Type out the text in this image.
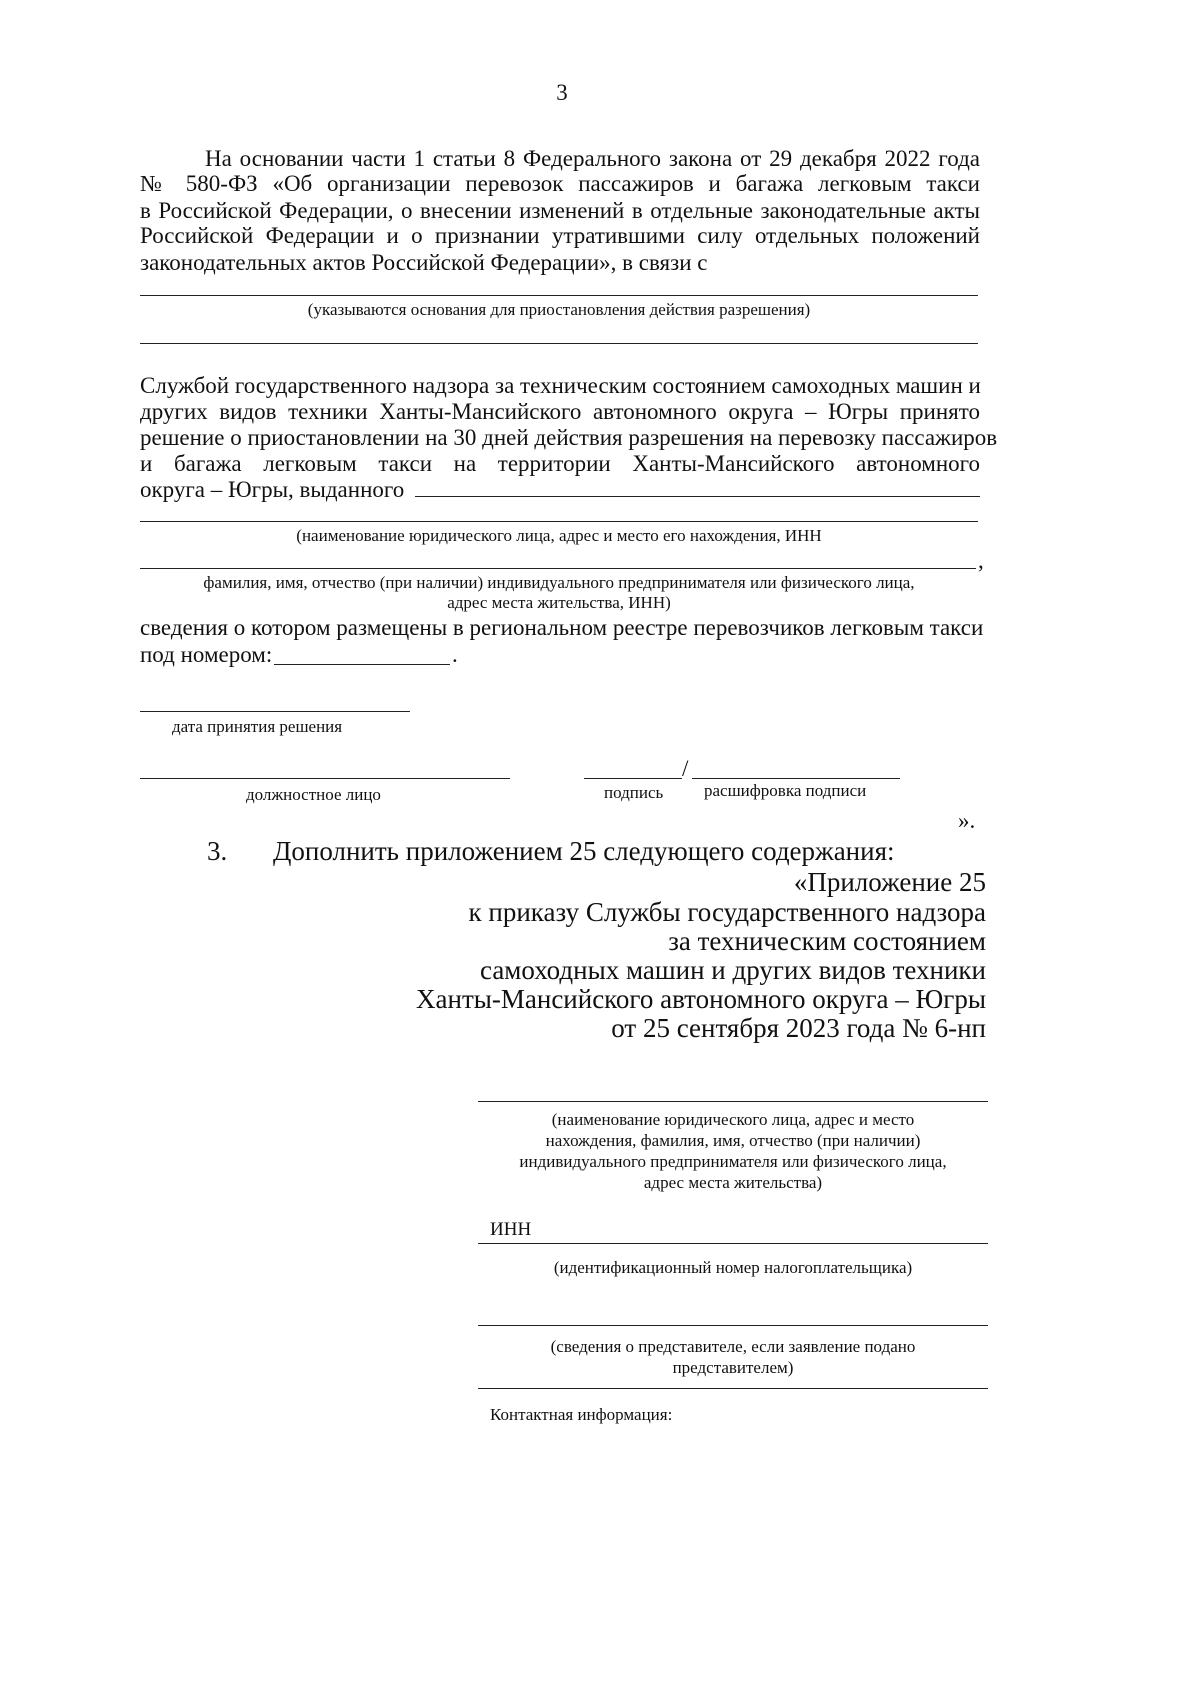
3
На основании части 1 статьи 8 Федерального закона от 29 декабря 2022 года
№ 580-ФЗ «Об организации перевозок пассажиров и багажа легковым такси
в Российской Федерации, о внесении изменений в отдельные законодательные акты
Российской Федерации и о признании утратившими силу отдельных положений
законодательных актов Российской Федерации», в связи с
(указываются основания для приостановления действия разрешения)
Службой государственного надзора за техническим состоянием самоходных машин и
других видов техники Ханты-Мансийского автономного округа – Югры принято
решение о приостановлении на 30 дней действия разрешения на перевозку пассажиров
и багажа легковым такси на территории Ханты-Мансийского автономного
округа – Югры, выданного
(наименование юридического лица, адрес и место его нахождения, ИНН
,
фамилия, имя, отчество (при наличии) индивидуального предпринимателя или физического лица,
адрес места жительства, ИНН)
сведения о котором размещены в региональном реестре перевозчиков легковым такси
под номером:	.
дата принятия решения
должностное лицо
/
подпись расшифровка подписи
».
3. Дополнить приложением 25 следующего содержания:
«Приложение 25
к приказу Службы государственного надзора
за техническим состоянием
самоходных машин и других видов техники
Ханты-Мансийского автономного округа – Югры
от 25 сентября 2023 года № 6-нп
(наименование юридического лица, адрес и место
нахождения, фамилия, имя, отчество (при наличии)
индивидуального предпринимателя или физического лица,
адрес места жительства)
ИНН
(идентификационный номер налогоплательщика)
(сведения о представителе, если заявление подано
представителем)
Контактная информация:
